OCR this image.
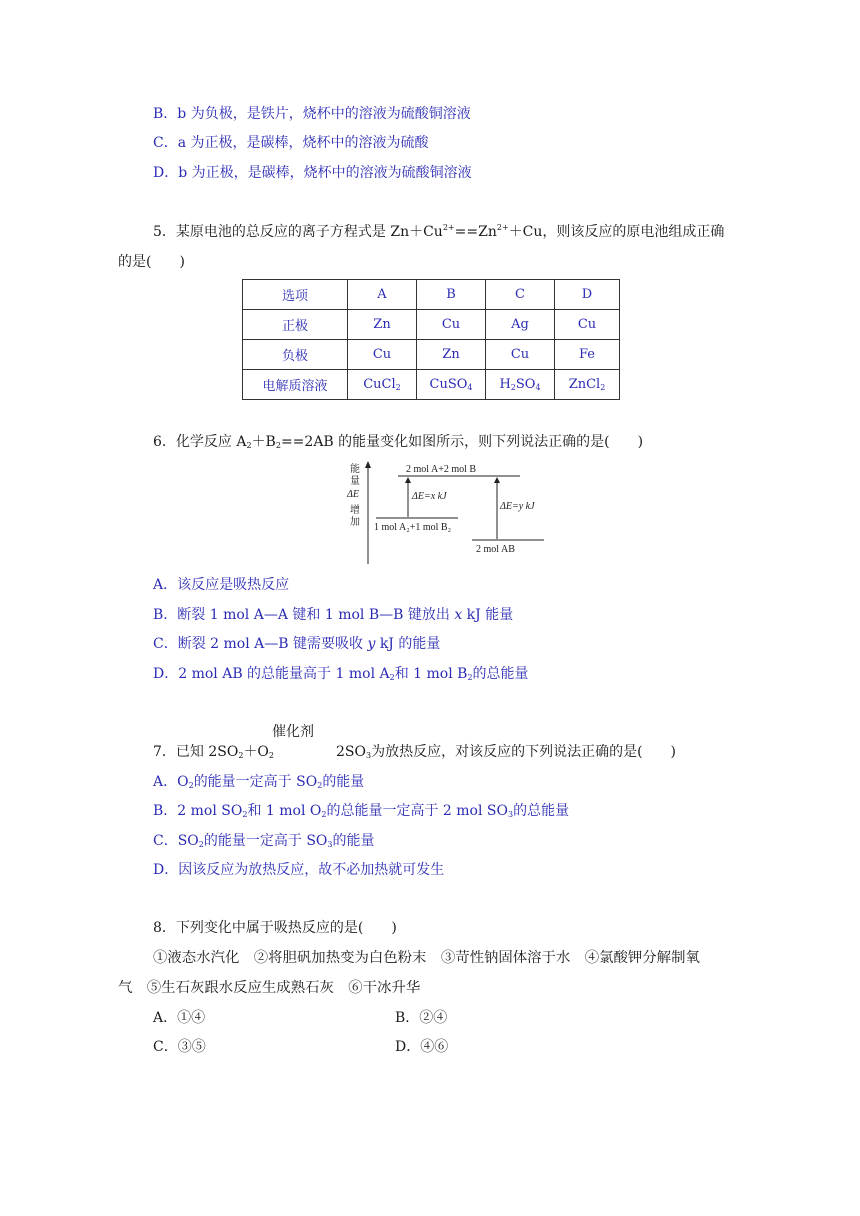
B．b 为负极，是铁片，烧杯中的溶液为硫酸铜溶液
C．a 为正极，是碳棒，烧杯中的溶液为硫酸
D．b 为正极，是碳棒，烧杯中的溶液为硫酸铜溶液
5．某原电池的总反应的离子方程式是 $Zn+Cu^{2+}==Zn^{2+}+Cu$，则该反应的原电池组成正确
的是(　　)
选项	A	B	C	D
正极	Zn	Cu	Ag	Cu
负极	Cu	Zn	Cu	Fe
电解质溶液	CuCl$_2$	CuSO$_4$	$H_2SO_4$	ZnCl$_2$
6．化学反应 $A_2+B_2==2AB$ 的能量变化如图所示，则下列说法正确的是(　　)
能
量
ΔE
增
加
2 mol A+2 mol B
1 mol A₂+1 mol B₂
2 mol AB
ΔE=x kJ
ΔE=y kJ
A．该反应是吸热反应
B．断裂 1 mol A—A 键和 1 mol B—B 键放出 x kJ 能量
C．断裂 2 mol A—B 键需要吸收 y kJ 的能量
D．2 mol AB 的总能量高于 1 mol $A_2$和 1 mol $B_2$的总能量
催化剂
7．已知 $2SO_2+O_2$	$2SO_3$为放热反应，对该反应的下列说法正确的是(　　)
A．$O_2$的能量一定高于 $SO_2$的能量
B．2 mol $SO_2$和 1 mol $O_2$的总能量一定高于 2 mol $SO_3$的总能量
C．$SO_2$的能量一定高于 $SO_3$的能量
D．因该反应为放热反应，故不必加热就可发生
8．下列变化中属于吸热反应的是(　　)
①液态水汽化　②将胆矾加热变为白色粉末　③苛性钠固体溶于水　④氯酸钾分解制氧
气　⑤生石灰跟水反应生成熟石灰　⑥干冰升华
A．①④	B．②④
C．③⑤	D．④⑥
